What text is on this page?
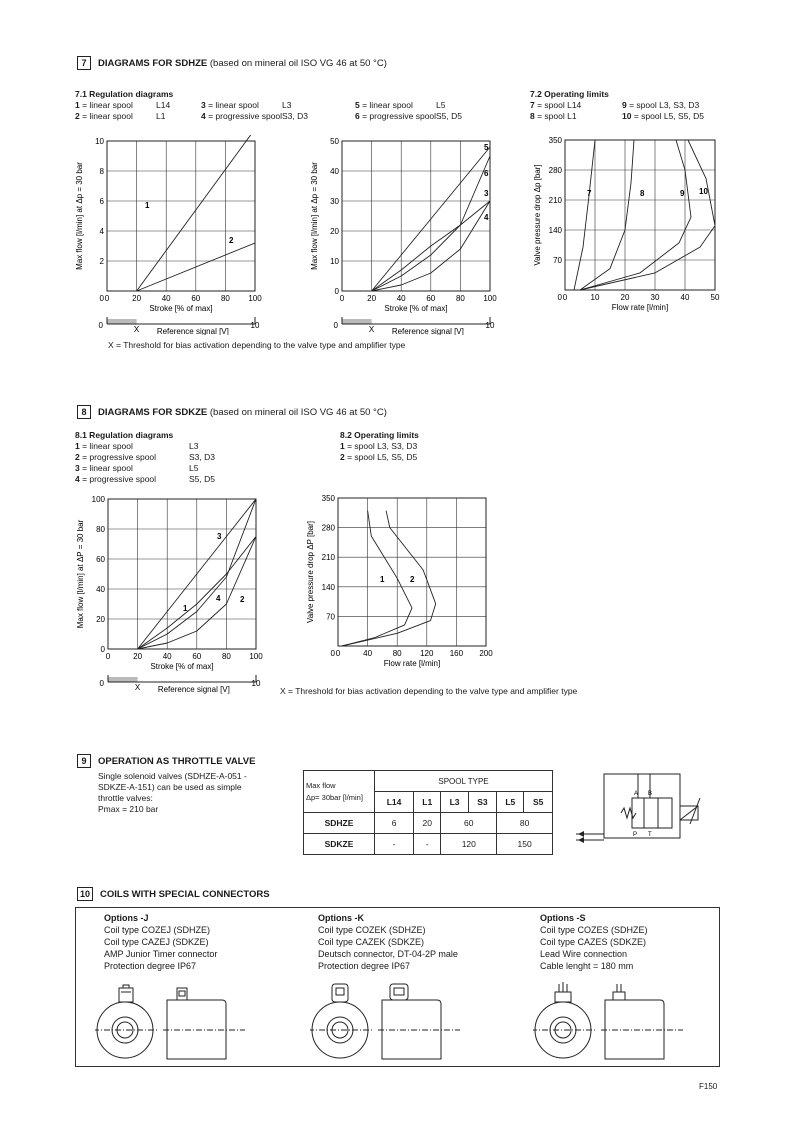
7 DIAGRAMS FOR SDHZE (based on mineral oil ISO VG 46 at 50 °C)
7.1 Regulation diagrams
1 = linear spool	L14
2 = linear spool	L1
3 = linear spool	L3
4 = progressive spool S3, D3
5 = linear spool	L5
6 = progressive spool S5, D5
7.2 Operating limits
7 = spool L14	9 = spool L3, S3, D3
8 = spool L1	10 = spool L5, S5, D5
0	20	40	60	80 100
2
4
6
8
10
0
Stroke [% of max]
Max flow [l/min] at Δp = 30 bar	1
2
0	X	10
Reference signal [V]
0	20	40	60	80 100
0
10
20
30
40
50
Stroke [% of max]
Max flow [l/min] at Δp = 30 bar	3
4
5
6
0	X	10
Reference signal [V]
0	10	20	30	40	50
70
140
210
280
350
0
Flow rate [l/min]
Valve pressure drop Δp [bar]	7	8	9 10
X = Threshold for bias activation depending to the valve type and amplifier type
8 DIAGRAMS FOR SDKZE (based on mineral oil ISO VG 46 at 50 °C)
8.1 Regulation diagrams
1 = linear spool	L3
2 = progressive spool	S3, D3
3 = linear spool	L5
4 = progressive spool	S5, D5
8.2 Operating limits
1 = spool L3, S3, D3
2 = spool L5, S5, D5
0	20	40	60	80 100
0
20
40
60
80
100
Stroke [% of max]
Max flow [l/min] at ΔP = 30 bar	1
2
3
4
0	X	10
Reference signal [V]
0	40	80 120 160 200
70
140
210
280
350
0
Flow rate [l/min]
Valve pressure drop ΔP [bar]	1	2
X = Threshold for bias activation depending to the valve type and amplifier type
9 OPERATION AS THROTTLE VALVE
Single solenoid valves (SDHZE-A-051 -
SDKZE-A-151) can be used as simple
throttle valves:
Pmax = 210 bar
Max flow
Δp= 30bar [l/min]	SPOOL TYPE					
	L14	L1	L3	S3	L5	S5
SDHZE	6	20	60		80	
SDKZE	-	-	120		150	
A B
P T
10 COILS WITH SPECIAL CONNECTORS
Options -J
Coil type COZEJ (SDHZE)
Coil type CAZEJ (SDKZE)
AMP Junior Timer connector
Protection degree IP67
Options -K
Coil type COZEK (SDHZE)
Coil type CAZEK (SDKZE)
Deutsch connector, DT-04-2P male
Protection degree IP67
Options -S
Coil type COZES (SDHZE)
Coil type CAZES (SDKZE)
Lead Wire connection
Cable lenght = 180 mm
F150
